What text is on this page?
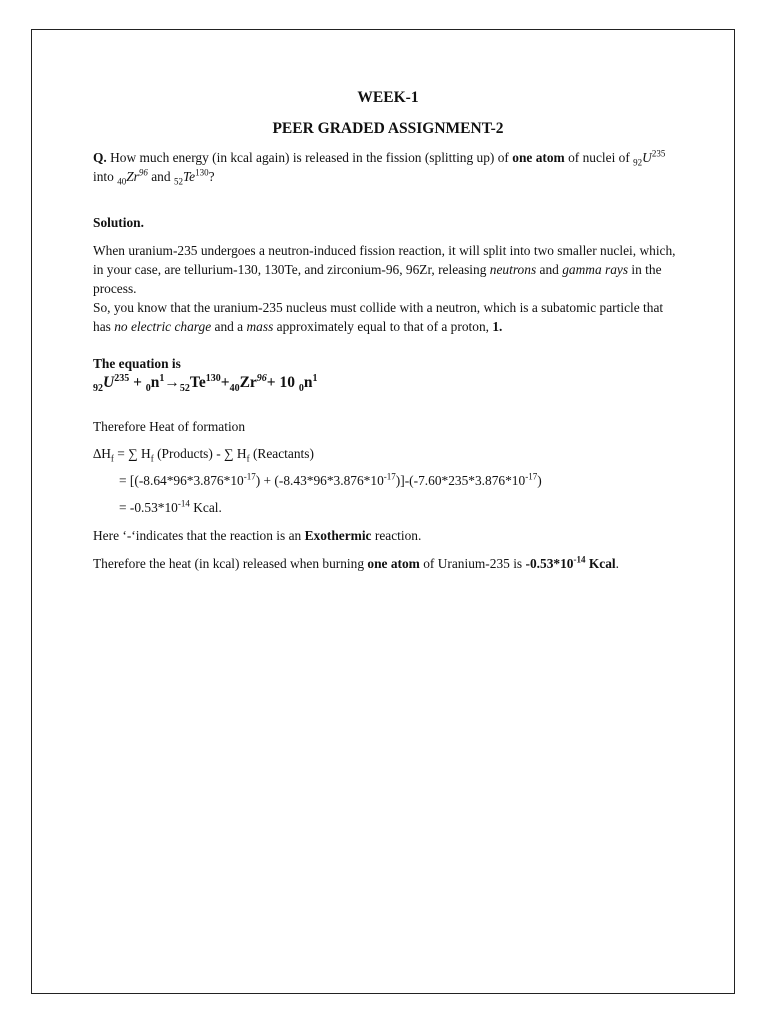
WEEK-1

PEER GRADED ASSIGNMENT-2

Q. How much energy (in kcal again) is released in the fission (splitting up) of one atom of nuclei of $_{92}U^{235}$ into $_{40}Zr^{96}$ and $_{52}Te^{130}$?

Solution.

When uranium-235 undergoes a neutron-induced fission reaction, it will split into two smaller nuclei, which, in your case, are tellurium-130, 130Te, and zirconium-96, 96Zr, releasing neutrons and gamma rays in the process.

So, you know that the uranium-235 nucleus must collide with a neutron, which is a subatomic particle that has no electric charge and a mass approximately equal to that of a proton, 1.

The equation is

$_{92}U^{235} + _0n^1\to_{52}Te^{130}+_{40}Zr^{96}+ 10$ $_0n^1$

Therefore Heat of formation

$\Delta H_f$ = ∑ $H_f$ (Products) - ∑ $H_f$ (Reactants)

= $[(-8.64*96*3.876*10^{-17}) + (-8.43*96*3.876*10^{-17})]-(-7.60*235*3.876*10^{-17})$

= $-0.53*10^{-14}$ Kcal.

Here ‘-‘indicates that the reaction is an Exothermic reaction.

Therefore the heat (in kcal) released when burning one atom of Uranium-235 is $-0.53*10^{-14}$ Kcal.
